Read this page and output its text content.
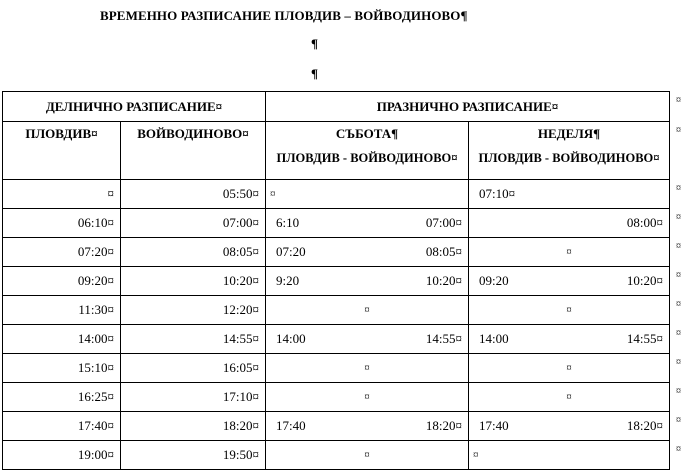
ВРЕМЕННО РАЗПИСАНИЕ ПЛОВДИВ – ВОЙВОДИНОВО¶
¶
¶
ДЕЛНИЧНО РАЗПИСАНИЕ¤		ПРАЗНИЧНО РАЗПИСАНИЕ¤	

ПЛОВДИВ¤	ВОЙВОДИНОВО¤	СЪБОТА¶
ПЛОВДИВ - ВОЙВОДИНОВО¤	НЕДЕЛЯ¶
ПЛОВДИВ - ВОЙВОДИНОВО¤

¤	05:50¤	¤	07:10¤

06:10¤	07:00¤	6:10 07:00¤	08:00¤

07:20¤	08:05¤	07:20 08:05¤	¤

09:20¤	10:20¤	9:20 10:20¤	09:20 10:20¤

11:30¤	12:20¤	¤	¤

14:00¤	14:55¤	14:00 14:55¤	14:00 14:55¤

15:10¤	16:05¤	¤	¤

16:25¤	17:10¤	¤	¤

17:40¤	18:20¤	17:40 18:20¤	17:40 18:20¤

19:00¤	19:50¤	¤	¤
¤
¤
¤
¤
¤
¤
¤
¤
¤
¤
¤
¤
